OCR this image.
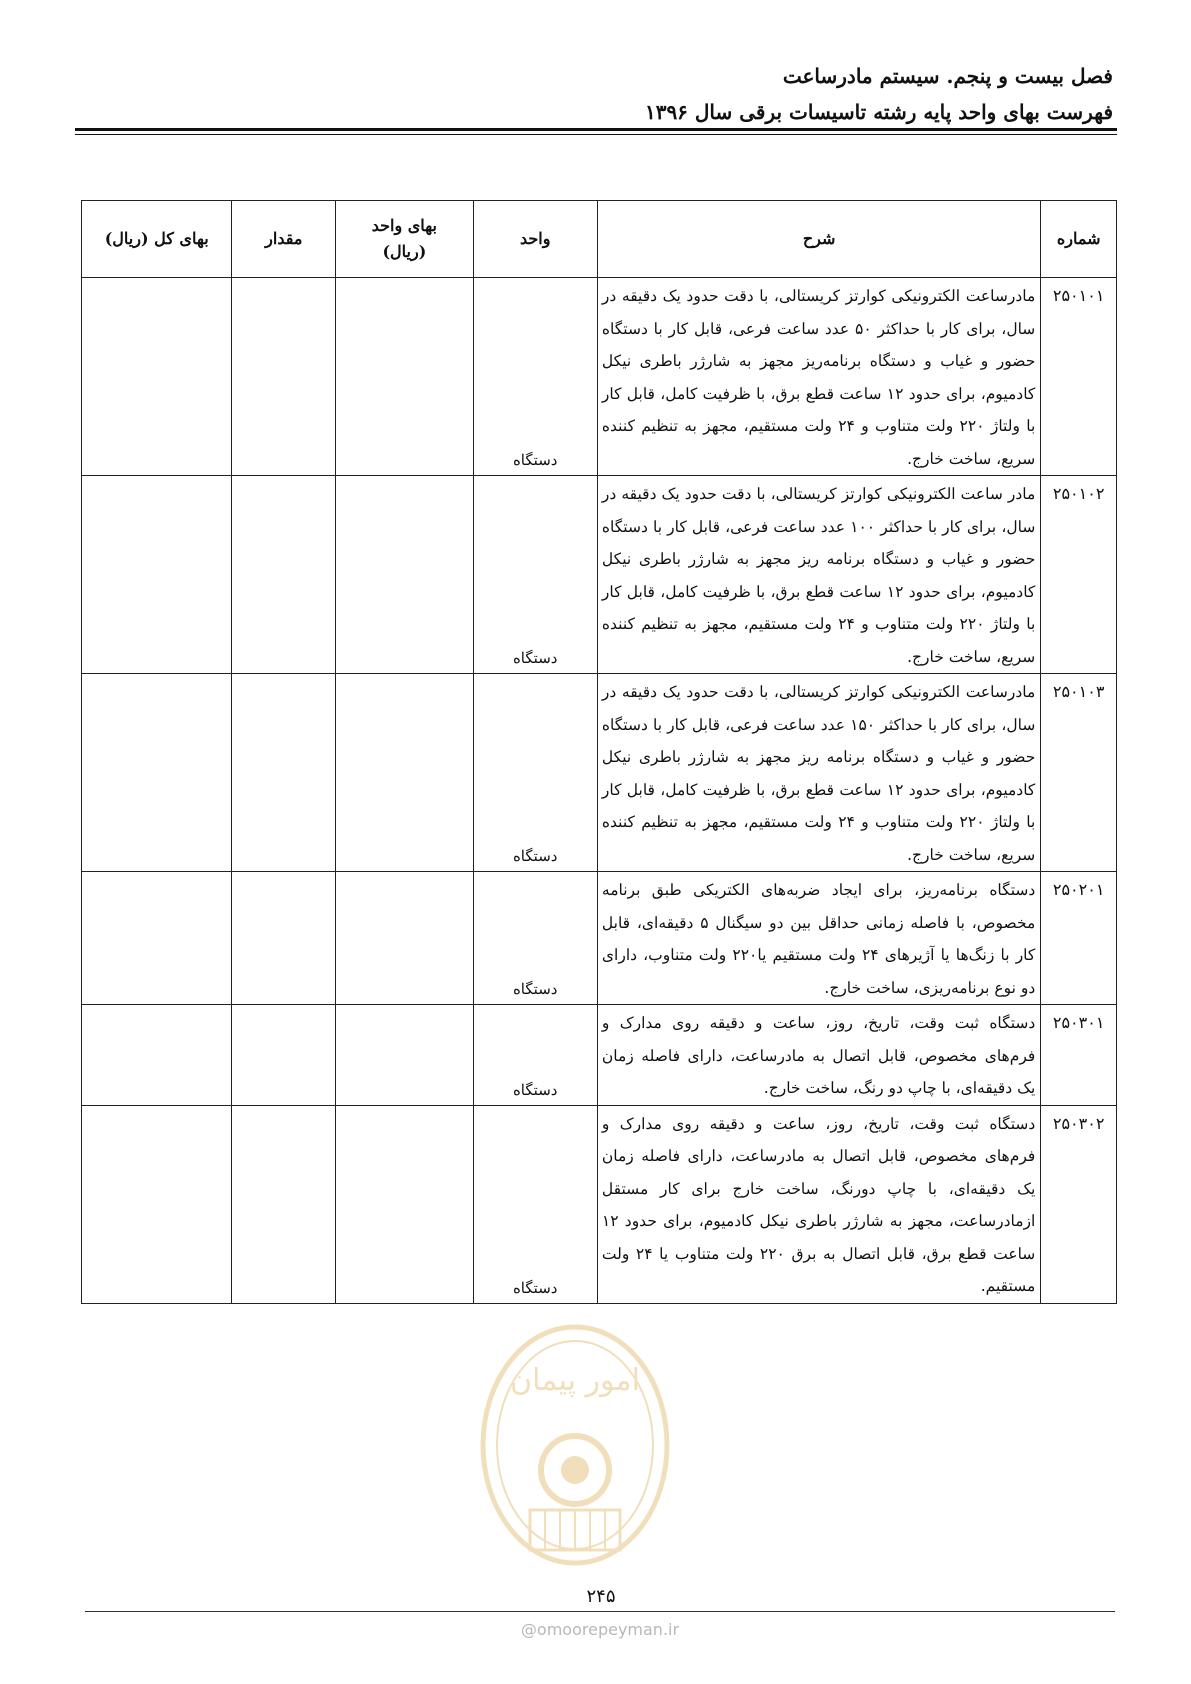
فصل بیست و پنجم. سیستم مادرساعت
فهرست بهای واحد پایه رشته تاسیسات برقی سال ۱۳۹۶
شماره	شرح	واحد	بهای واحد (ریال)	مقدار	بهای کل (ریال)
۲۵۰۱۰۱	مادرساعت الکترونیکی کوارتز کریستالی، با دقت حدود یک دقیقه در سال، برای کار با حداکثر ۵۰ عدد ساعت فرعی، قابل کار با دستگاه حضور و غیاب و دستگاه برنامه‌ریز مجهز به شارژر باطری نیکل کادمیوم، برای حدود ۱۲ ساعت قطع برق، با ظرفیت کامل، قابل کار با ولتاژ ۲۲۰ ولت متناوب و ۲۴ ولت مستقیم، مجهز به تنظیم کننده سریع، ساخت خارج.	دستگاه			
۲۵۰۱۰۲	مادر ساعت الکترونیکی کوارتز کریستالی، با دقت حدود یک دقیقه در سال، برای کار با حداکثر ۱۰۰ عدد ساعت فرعی، قابل کار با دستگاه حضور و غیاب و دستگاه برنامه ریز مجهز به شارژر باطری نیکل کادمیوم، برای حدود ۱۲ ساعت قطع برق، با ظرفیت کامل، قابل کار با ولتاژ ۲۲۰ ولت متناوب و ۲۴ ولت مستقیم، مجهز به تنظیم کننده سریع، ساخت خارج.	دستگاه			
۲۵۰۱۰۳	مادرساعت الکترونیکی کوارتز کریستالی، با دقت حدود یک دقیقه در سال، برای کار با حداکثر ۱۵۰ عدد ساعت فرعی، قابل کار با دستگاه حضور و غیاب و دستگاه برنامه ریز مجهز به شارژر باطری نیکل کادمیوم، برای حدود ۱۲ ساعت قطع برق، با ظرفیت کامل، قابل کار با ولتاژ ۲۲۰ ولت متناوب و ۲۴ ولت مستقیم، مجهز به تنظیم کننده سریع، ساخت خارج.	دستگاه			
۲۵۰۲۰۱	دستگاه برنامه‌ریز، برای ایجاد ضربه‌های الکتریکی طبق برنامه مخصوص، با فاصله زمانی حداقل بین دو سیگنال ۵ دقیقه‌ای، قابل کار با زنگ‌ها یا آژیرهای ۲۴ ولت مستقیم یا۲۲۰ ولت متناوب، دارای دو نوع برنامه‌ریزی، ساخت خارج.	دستگاه			
۲۵۰۳۰۱	دستگاه ثبت وقت، تاریخ، روز، ساعت و دقیقه روی مدارک و فرم‌های مخصوص، قابل اتصال به مادرساعت، دارای فاصله زمان یک دقیقه‌ای، با چاپ دو رنگ، ساخت خارج.	دستگاه			
۲۵۰۳۰۲	دستگاه ثبت وقت، تاریخ، روز، ساعت و دقیقه روی مدارک و فرم‌های مخصوص، قابل اتصال به مادرساعت، دارای فاصله زمان یک دقیقه‌ای، با چاپ دورنگ، ساخت خارج برای کار مستقل ازمادرساعت، مجهز به شارژر باطری نیکل کادمیوم، برای حدود ۱۲ ساعت قطع برق، قابل اتصال به برق ۲۲۰ ولت متناوب یا ۲۴ ولت مستقیم.	دستگاه			
امور پیمان
۲۴۵
@omoorepeyman.ir
